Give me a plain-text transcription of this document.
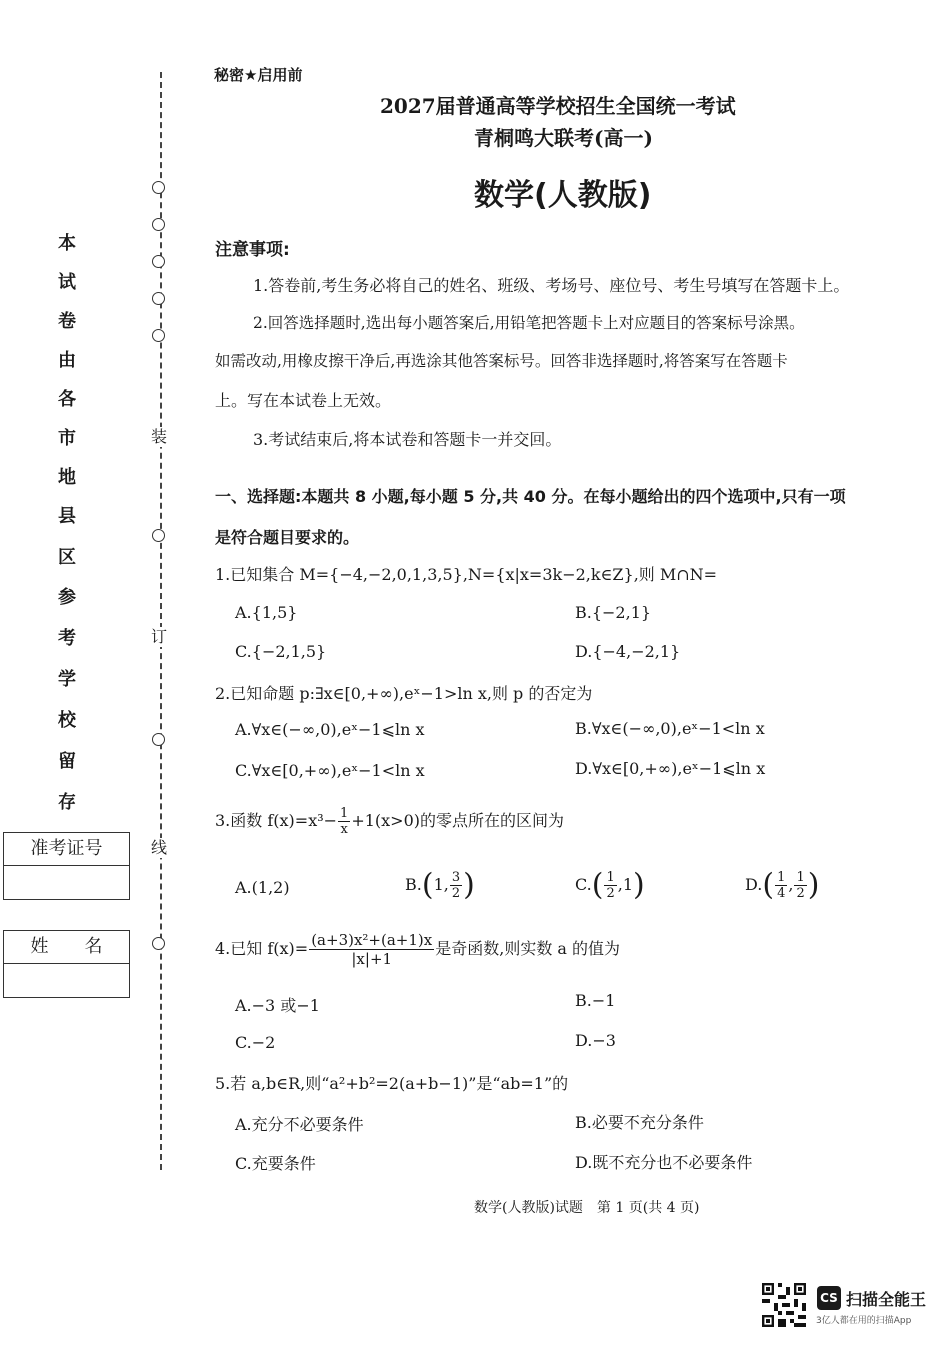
装
订
线
本
试
卷
由
各
市
地
县
区
参
考
学
校
留
存
准考证号
姓　　名
秘密★启用前
2027届普通高等学校招生全国统一考试
青桐鸣大联考(高一)
数学(人教版)
注意事项:
1.答卷前,考生务必将自己的姓名、班级、考场号、座位号、考生号填写在答题卡上。
2.回答选择题时,选出每小题答案后,用铅笔把答题卡上对应题目的答案标号涂黑。
如需改动,用橡皮擦干净后,再选涂其他答案标号。回答非选择题时,将答案写在答题卡
上。写在本试卷上无效。
3.考试结束后,将本试卷和答题卡一并交回。
一、选择题:本题共 8 小题,每小题 5 分,共 40 分。在每小题给出的四个选项中,只有一项
是符合题目要求的。
1.已知集合 M={−4,−2,0,1,3,5},N={x|x=3k−2,k∈Z},则 M∩N=
A.{1,5}	B.{−2,1}
C.{−2,1,5}	D.{−4,−2,1}
2.已知命题 p:∃x∈[0,+∞),eˣ−1>ln x,则 p 的否定为
A.∀x∈(−∞,0),eˣ−1⩽ln x	B.∀x∈(−∞,0),eˣ−1<ln x
C.∀x∈[0,+∞),eˣ−1<ln x	D.∀x∈[0,+∞),eˣ−1⩽ln x
3.函数 $f(x)=x^3- \frac{1}{x} +1(x>0)$的零点所在的区间为
A.(1,2)	B.(1, $\frac{3}{2}$ )	$C.( \frac{1}{2} ,1)$	$D.( \frac{1}{4}$ , $\frac{1}{2}$ )
4.已知 $f(x)= \frac{\text{(a+3)x²+(a+1)x}}{|x|+1}$ 是奇函数,则实数 a 的值为
A.−3 或−1	B.−1
C.−2	D.−3
5.若 a,b∈R,则“a²+b²=2(a+b−1)”是“ab=1”的
A.充分不必要条件	B.必要不充分条件
C.充要条件	D.既不充分也不必要条件
数学(人教版)试题　第 1 页(共 4 页)
CS 扫描全能王
3亿人都在用的扫描App
